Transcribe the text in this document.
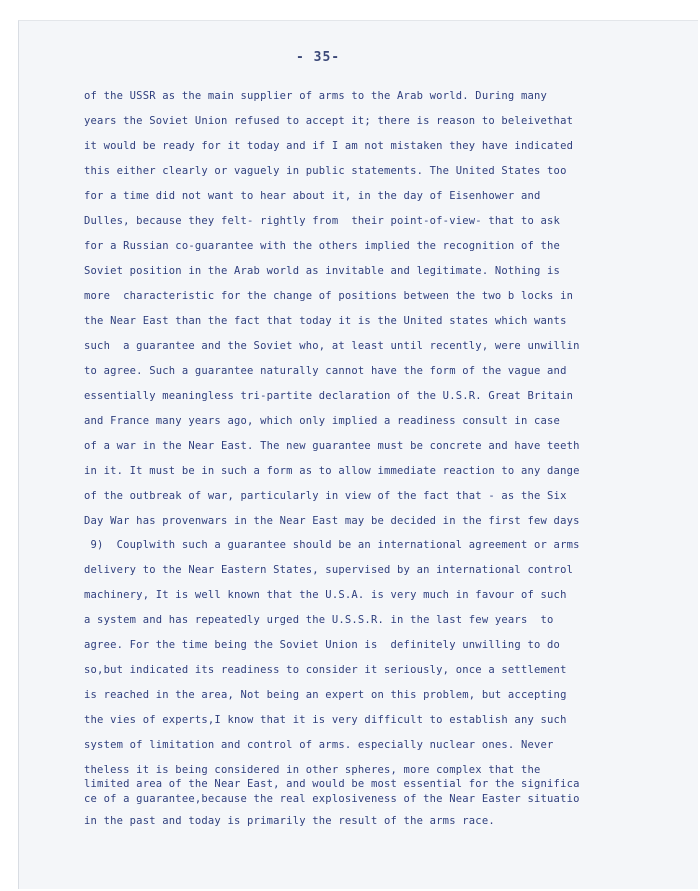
- 35-
of the USSR as the main supplier of arms to the Arab world. During many
years the Soviet Union refused to accept it; there is reason to beleivethat
it would be ready for it today and if I am not mistaken they have indicated
this either clearly or vaguely in public statements. The United States too
for a time did not want to hear about it, in the day of Eisenhower and
Dulles, because they felt- rightly from  their point-of-view- that to ask
for a Russian co-guarantee with the others implied the recognition of the
Soviet position in the Arab world as invitable and legitimate. Nothing is
more  characteristic for the change of positions between the two b locks in
the Near East than the fact that today it is the United states which wants
such  a guarantee and the Soviet who, at least until recently, were unwillin
to agree. Such a guarantee naturally cannot have the form of the vague and
essentially meaningless tri-partite declaration of the U.S.R. Great Britain
and France many years ago, which only implied a readiness consult in case
of a war in the Near East. The new guarantee must be concrete and have teeth
in it. It must be in such a form as to allow immediate reaction to any dange
of the outbreak of war, particularly in view of the fact that - as the Six
Day War has provenwars in the Near East may be decided in the first few days
9)  Couplwith such a guarantee should be an international agreement or arms
delivery to the Near Eastern States, supervised by an international control
machinery, It is well known that the U.S.A. is very much in favour of such
a system and has repeatedly urged the U.S.S.R. in the last few years  to
agree. For the time being the Soviet Union is  definitely unwilling to do
so,but indicated its readiness to consider it seriously, once a settlement
is reached in the area, Not being an expert on this problem, but accepting
the vies of experts,I know that it is very difficult to establish any such
system of limitation and control of arms. especially nuclear ones. Never
theless it is being considered in other spheres, more complex that the
limited area of the Near East, and would be most essential for the significa
ce of a guarantee,because the real explosiveness of the Near Easter situatio
in the past and today is primarily the result of the arms race.
